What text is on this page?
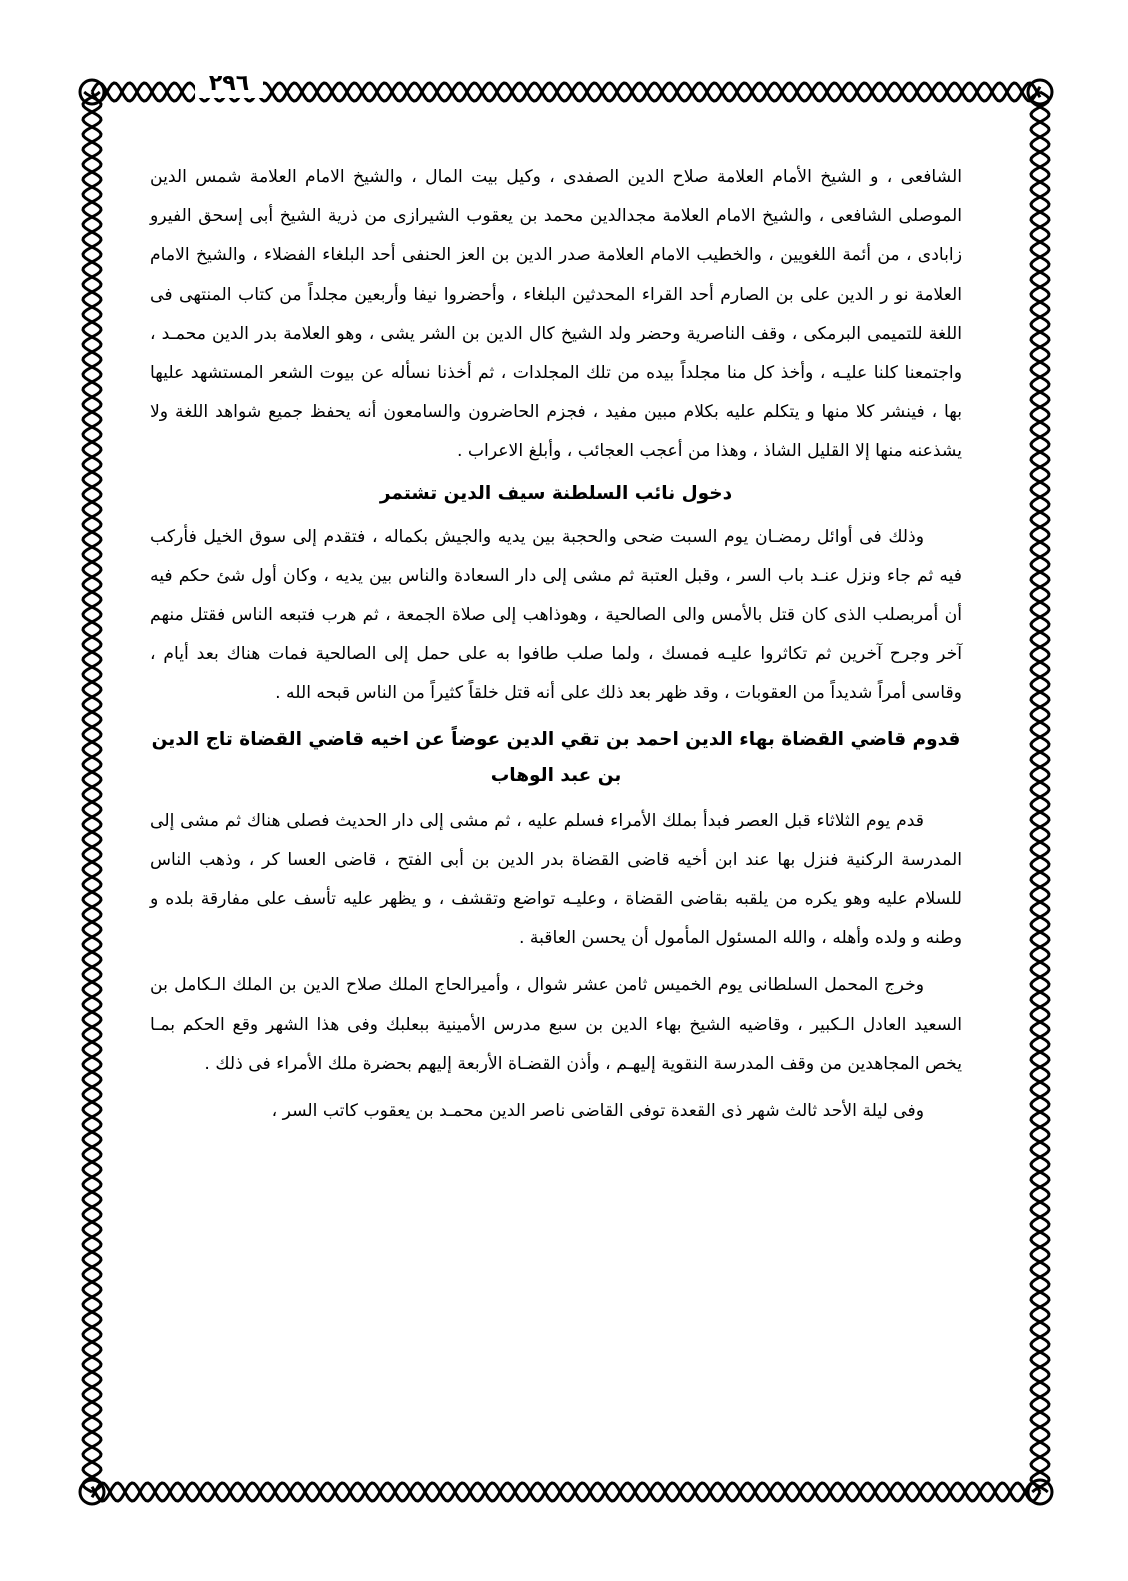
٢٩٦

الشافعى ، و الشيخ الأمام العلامة صلاح الدين الصفدى ، وكيل بيت المال ، والشيخ الامام العلامة شمس الدين الموصلى الشافعى ، والشيخ الامام العلامة مجدالدين محمد بن يعقوب الشيرازى من ذرية الشيخ أبى إسحق الفيرو زابادى ، من أئمة اللغويين ، والخطيب الامام العلامة صدر الدين بن العز الحنفى أحد البلغاء الفضلاء ، والشيخ الامام العلامة نو ر الدين على بن الصارم أحد القراء المحدثين البلغاء ، وأحضروا نيفا وأربعين مجلداً من كتاب المنتهى فى اللغة للتميمى البرمكى ، وقف الناصرية وحضر ولد الشيخ كال الدين بن الشر يشى ، وهو العلامة بدر الدين محمـد ، واجتمعنا كلنا عليـه ، وأخذ كل منا مجلداً بيده من تلك المجلدات ، ثم أخذنا نسأله عن بيوت الشعر المستشهد عليها بها ، فينشر كلا منها و يتكلم عليه بكلام مبين مفيد ، فجزم الحاضرون والسامعون أنه يحفظ جميع شواهد اللغة ولا يشذعنه منها إلا القليل الشاذ ، وهذا من أعجب العجائب ، وأبلغ الاعراب .

دخول نائب السلطنة سيف الدين تشتمر

وذلك فى أوائل رمضـان يوم السبت ضحى والحجبة بين يديه والجيش بكماله ، فتقدم إلى سوق الخيل فأركب فيه ثم جاء ونزل عنـد باب السر ، وقبل العتبة ثم مشى إلى دار السعادة والناس بين يديه ، وكان أول شئ حكم فيه أن أمربصلب الذى كان قتل بالأمس والى الصالحية ، وهوذاهب إلى صلاة الجمعة ، ثم هرب فتبعه الناس فقتل منهم آخر وجرح آخرين ثم تكاثروا عليـه فمسك ، ولما صلب طافوا به على حمل إلى الصالحية فمات هناك بعد أيام ، وقاسى أمراً شديداً من العقوبات ، وقد ظهر بعد ذلك على أنه قتل خلقاً كثيراً من الناس قبحه الله .

قدوم قاضي القضاة بهاء الدين احمد بن تقي الدين عوضاً عن اخيه قاضي القضاة تاج الدين بن عبد الوهاب

قدم يوم الثلاثاء قبل العصر فبدأ بملك الأمراء فسلم عليه ، ثم مشى إلى دار الحديث فصلى هناك ثم مشى إلى المدرسة الركنية فنزل بها عند ابن أخيه قاضى القضاة بدر الدين بن أبى الفتح ، قاضى العسا كر ، وذهب الناس للسلام عليه وهو يكره من يلقبه بقاضى القضاة ، وعليـه تواضع وتقشف ، و يظهر عليه تأسف على مفارقة بلده و وطنه و ولده وأهله ، والله المسئول المأمول أن يحسن العاقبة .

وخرج المحمل السلطانى يوم الخميس ثامن عشر شوال ، وأميرالحاج الملك صلاح الدين بن الملك الـكامل بن السعيد العادل الـكبير ، وقاضيه الشيخ بهاء الدين بن سبع مدرس الأمينية ببعلبك وفى هذا الشهر وقع الحكم بمـا يخص المجاهدين من وقف المدرسة النقوية إليهـم ، وأذن القضـاة الأربعة إليهم بحضرة ملك الأمراء فى ذلك .

وفى ليلة الأحد ثالث شهر ذى القعدة توفى القاضى ناصر الدين محمـد بن يعقوب كاتب السر ،
